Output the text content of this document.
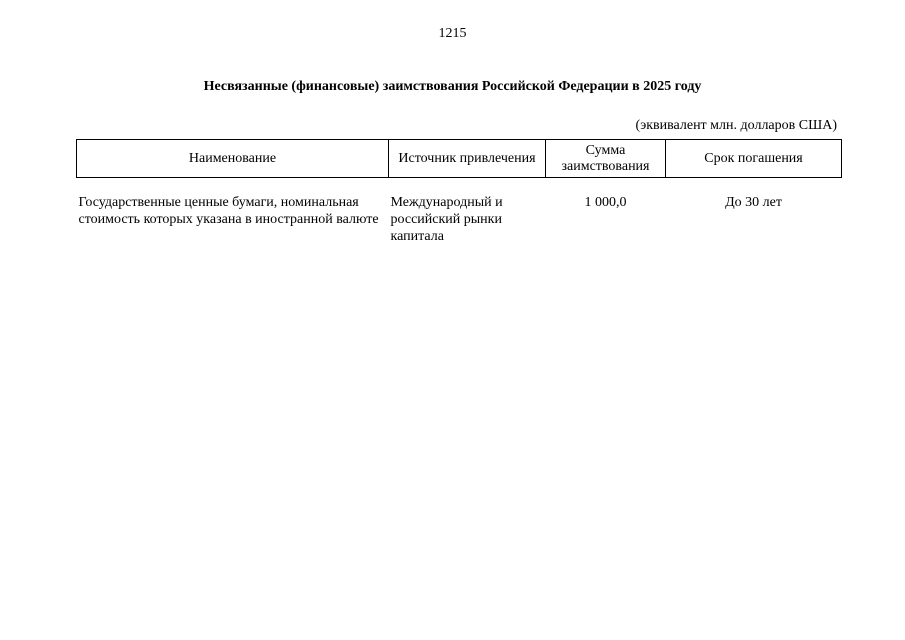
1215
Несвязанные (финансовые) заимствования Российской Федерации в 2025 году
(эквивалент млн. долларов США)
Наименование	Источник привлечения	Сумма заимствования	Срок погашения
Государственные ценные бумаги, номинальная стоимость которых указана в иностранной валюте	Международный и российский рынки капитала	1 000,0	До 30 лет
